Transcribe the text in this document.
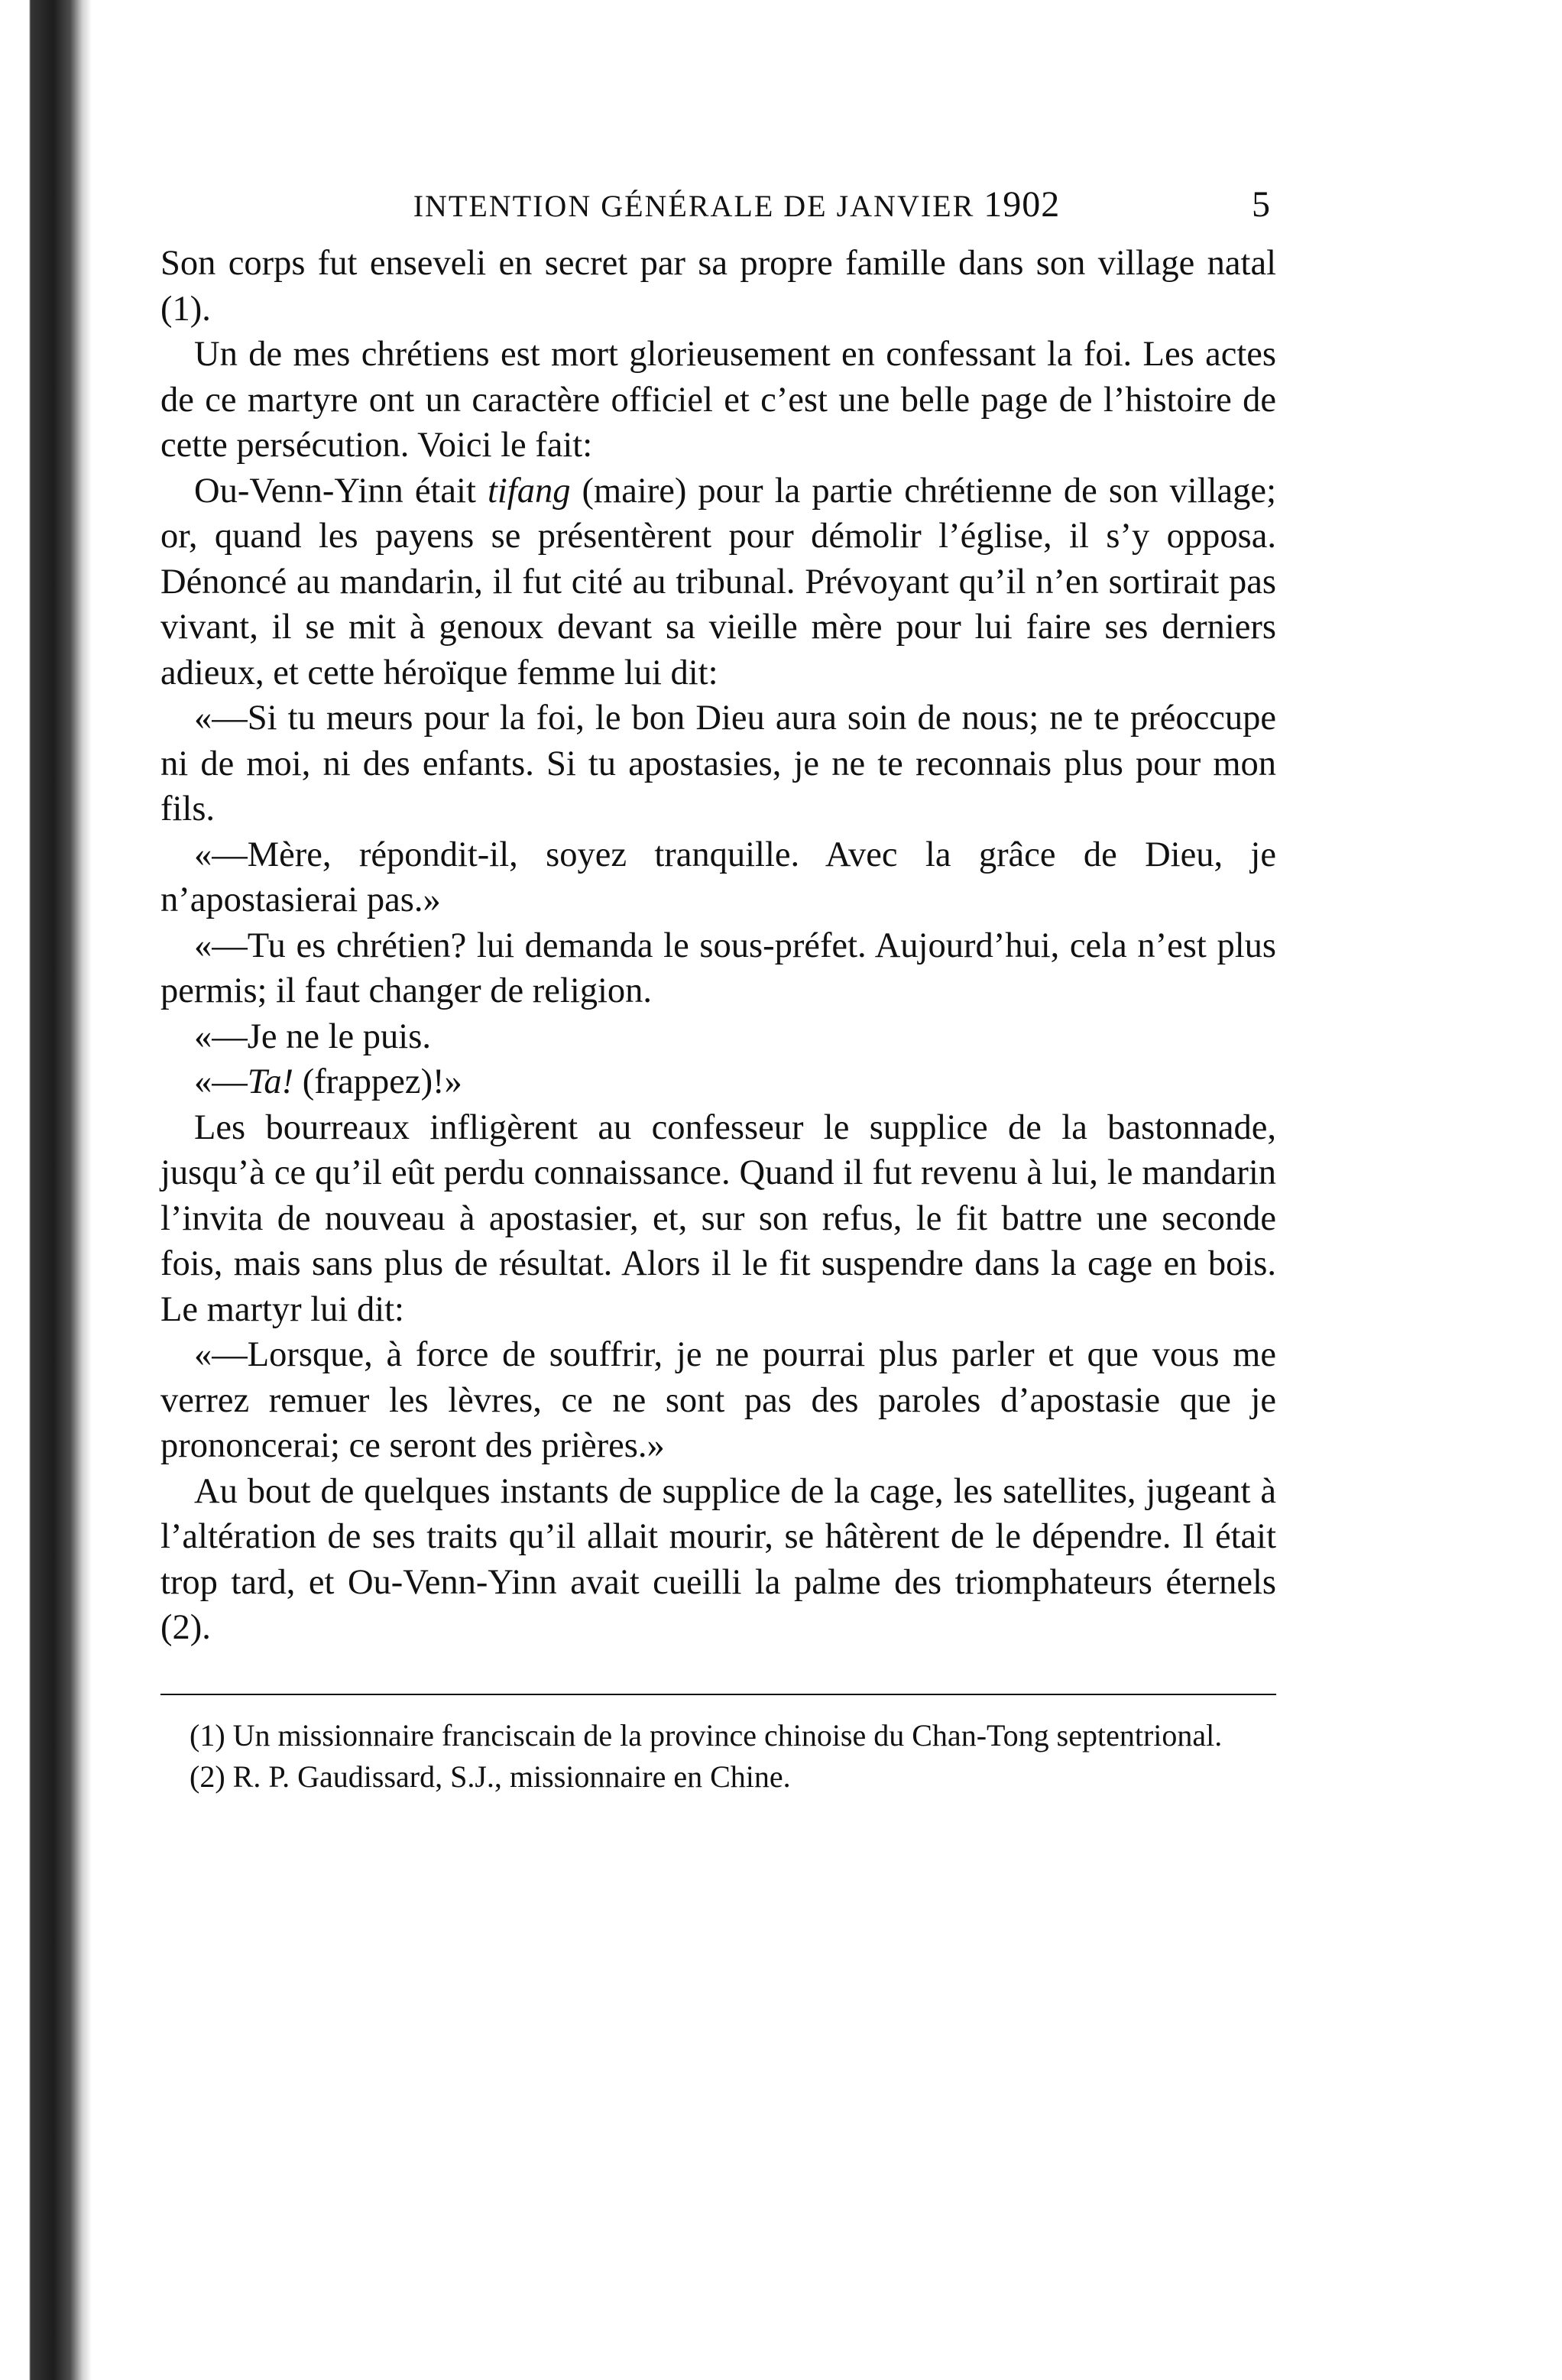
INTENTION GÉNÉRALE DE JANVIER 1902	5

Son corps fut enseveli en secret par sa propre famille dans son village natal (1).

Un de mes chrétiens est mort glorieusement en confessant la foi. Les actes de ce martyre ont un caractère officiel et c’est une belle page de l’histoire de cette persécution. Voici le fait:

Ou-Venn-Yinn était tifang (maire) pour la partie chrétienne de son village; or, quand les payens se présentèrent pour démolir l’église, il s’y opposa. Dénoncé au mandarin, il fut cité au tribunal. Prévoyant qu’il n’en sortirait pas vivant, il se mit à genoux devant sa vieille mère pour lui faire ses derniers adieux, et cette héroïque femme lui dit:

«—Si tu meurs pour la foi, le bon Dieu aura soin de nous; ne te préoccupe ni de moi, ni des enfants. Si tu apostasies, je ne te reconnais plus pour mon fils.

«—Mère, répondit-il, soyez tranquille. Avec la grâce de Dieu, je n’apostasierai pas.»

«—Tu es chrétien? lui demanda le sous-préfet. Aujourd’hui, cela n’est plus permis; il faut changer de religion.

«—Je ne le puis.

«—Ta! (frappez)!»

Les bourreaux infligèrent au confesseur le supplice de la bastonnade, jusqu’à ce qu’il eût perdu connaissance. Quand il fut revenu à lui, le mandarin l’invita de nouveau à apostasier, et, sur son refus, le fit battre une seconde fois, mais sans plus de résultat. Alors il le fit suspendre dans la cage en bois. Le martyr lui dit:

«—Lorsque, à force de souffrir, je ne pourrai plus parler et que vous me verrez remuer les lèvres, ce ne sont pas des paroles d’apostasie que je prononcerai; ce seront des prières.»

Au bout de quelques instants de supplice de la cage, les satellites, jugeant à l’altération de ses traits qu’il allait mourir, se hâtèrent de le dépendre. Il était trop tard, et Ou-Venn-Yinn avait cueilli la palme des triomphateurs éternels (2).

(1) Un missionnaire franciscain de la province chinoise du Chan-Tong septentrional.

(2) R. P. Gaudissard, S.J., missionnaire en Chine.
